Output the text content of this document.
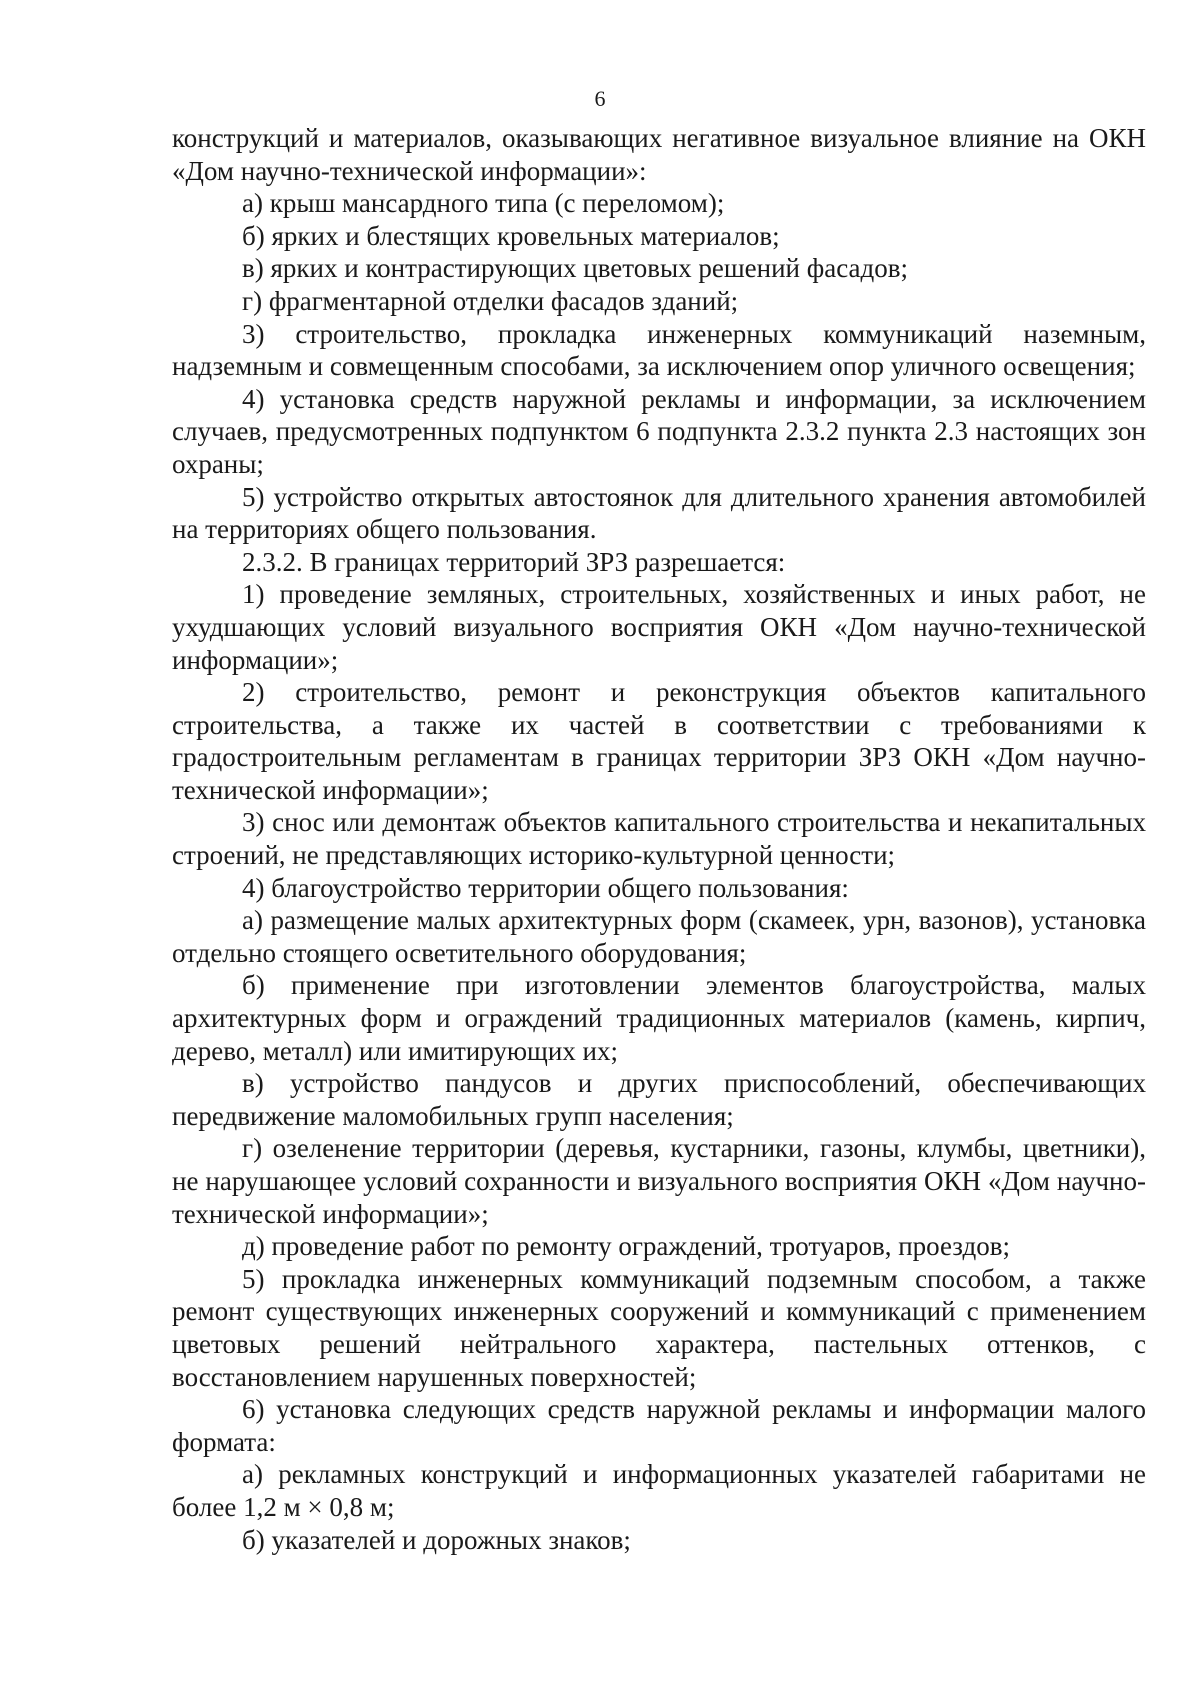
6

конструкций и материалов, оказывающих негативное визуальное влияние на ОКН «Дом научно-технической информации»:

а) крыш мансардного типа (с переломом);

б) ярких и блестящих кровельных материалов;

в) ярких и контрастирующих цветовых решений фасадов;

г) фрагментарной отделки фасадов зданий;

3) строительство, прокладка инженерных коммуникаций наземным, надземным и совмещенным способами, за исключением опор уличного освещения;

4) установка средств наружной рекламы и информации, за исключением случаев, предусмотренных подпунктом 6 подпункта 2.3.2 пункта 2.3 настоящих зон охраны;

5) устройство открытых автостоянок для длительного хранения автомобилей на территориях общего пользования.

2.3.2. В границах территорий ЗРЗ разрешается:

1) проведение земляных, строительных, хозяйственных и иных работ, не ухудшающих условий визуального восприятия ОКН «Дом научно-технической информации»;

2) строительство, ремонт и реконструкция объектов капитального строительства, а также их частей в соответствии с требованиями к градостроительным регламентам в границах территории ЗРЗ ОКН «Дом научно-технической информации»;

3) снос или демонтаж объектов капитального строительства и некапитальных строений, не представляющих историко-культурной ценности;

4) благоустройство территории общего пользования:

а) размещение малых архитектурных форм (скамеек, урн, вазонов), установка отдельно стоящего осветительного оборудования;

б) применение при изготовлении элементов благоустройства, малых архитектурных форм и ограждений традиционных материалов (камень, кирпич, дерево, металл) или имитирующих их;

в) устройство пандусов и других приспособлений, обеспечивающих передвижение маломобильных групп населения;

г) озеленение территории (деревья, кустарники, газоны, клумбы, цветники), не нарушающее условий сохранности и визуального восприятия ОКН «Дом научно-технической информации»;

д) проведение работ по ремонту ограждений, тротуаров, проездов;

5) прокладка инженерных коммуникаций подземным способом, а также ремонт существующих инженерных сооружений и коммуникаций с применением цветовых решений нейтрального характера, пастельных оттенков, с восстановлением нарушенных поверхностей;

6) установка следующих средств наружной рекламы и информации малого формата:

а) рекламных конструкций и информационных указателей габаритами не более 1,2 м × 0,8 м;

б) указателей и дорожных знаков;
